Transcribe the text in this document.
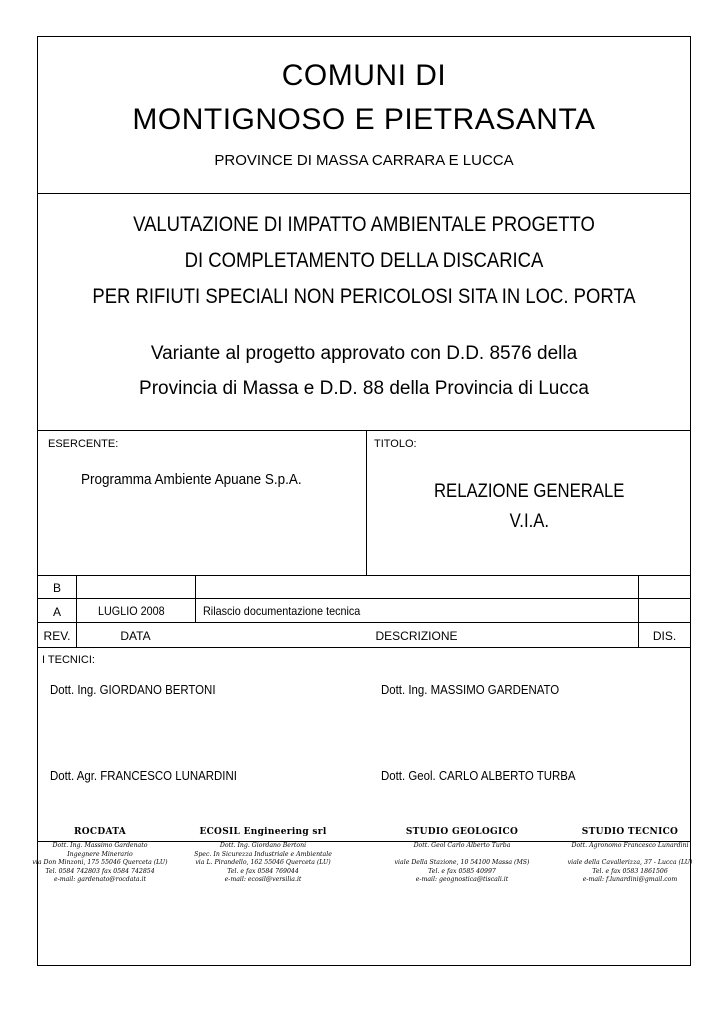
COMUNI DI
MONTIGNOSO E PIETRASANTA
PROVINCE DI MASSA CARRARA E LUCCA
VALUTAZIONE DI IMPATTO AMBIENTALE PROGETTO
DI COMPLETAMENTO DELLA DISCARICA
PER RIFIUTI SPECIALI NON PERICOLOSI SITA IN LOC. PORTA
Variante al progetto approvato con D.D. 8576 della
Provincia di Massa e D.D. 88 della Provincia di Lucca
ESERCENTE:
Programma Ambiente Apuane S.p.A.
TITOLO:
RELAZIONE GENERALE
V.I.A.
B
A	LUGLIO 2008	Rilascio documentazione tecnica
REV.	DATA	DESCRIZIONE	DIS.
I TECNICI:
Dott. Ing. GIORDANO BERTONI	Dott. Ing. MASSIMO GARDENATO
Dott. Agr. FRANCESCO LUNARDINI	Dott. Geol. CARLO ALBERTO TURBA
ROCDATA
Dott. Ing. Massimo Gardenato
Ingegnere Minerario
via Don Minzoni, 175 55046 Querceta (LU)
Tel. 0584 742803 fax 0584 742854
e-mail: gardenato@rocdata.it
ECOSIL Engineering srl
Dott. Ing. Giordano Bertoni
Spec. In Sicurezza Industriale e Ambientale
via L. Pirandello, 162 55046 Querceta (LU)
Tel. e fax 0584 769044
e-mail: ecosil@versilia.it
STUDIO GEOLOGICO
Dott. Geol Carlo Alberto Turba
viale Della Stazione, 10 54100 Massa (MS)
Tel. e fax 0585 40997
e-mail: geognostica@tiscali.it
STUDIO TECNICO
Dott. Agronomo Francesco Lunardini
viale della Cavallerizza, 37 - Lucca (LU)
Tel. e fax 0583 1861506
e-mail: f.lunardini@gmail.com
